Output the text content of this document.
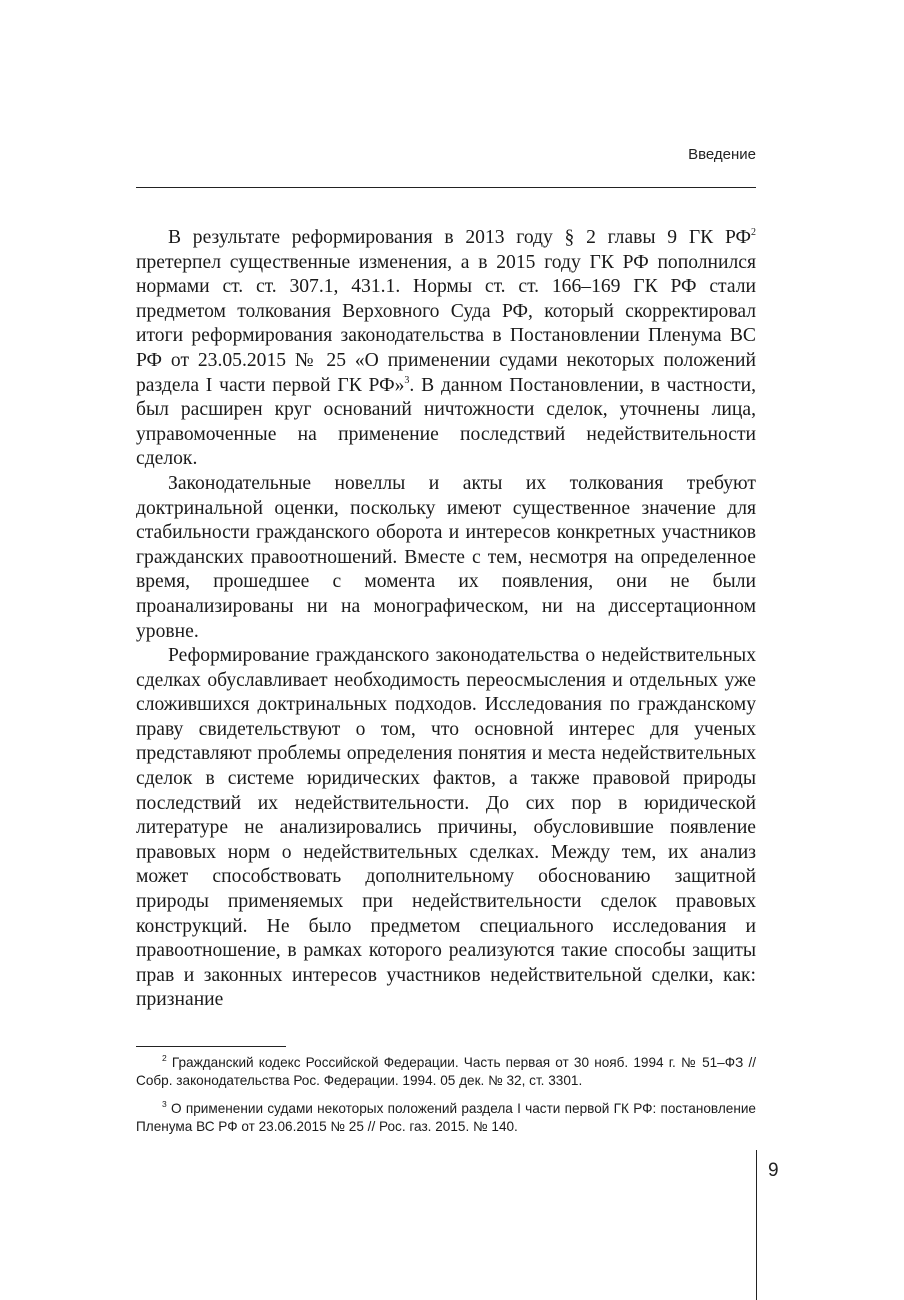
Введение

В результате реформирования в 2013 году § 2 главы 9 ГК $РФ^2$ претерпел существенные изменения, а в 2015 году ГК РФ пополнился нормами ст. ст. 307.1, 431.1. Нормы ст. ст. 166–169 ГК РФ стали предметом толкования Верховного Суда РФ, который скорректировал итоги реформирования законодательства в Постановлении Пленума ВС РФ от 23.05.2015 № 25 «О применении судами некоторых положений раздела I части первой ГК РФ»$^3$. В данном Постановлении, в частности, был расширен круг оснований ничтожности сделок, уточнены лица, управомоченные на применение последствий недействительности сделок.

Законодательные новеллы и акты их толкования требуют доктринальной оценки, поскольку имеют существенное значение для стабильности гражданского оборота и интересов конкретных участников гражданских правоотношений. Вместе с тем, несмотря на определенное время, прошедшее с момента их появления, они не были проанализированы ни на монографическом, ни на диссертационном уровне.

Реформирование гражданского законодательства о недействительных сделках обуславливает необходимость переосмысления и отдельных уже сложившихся доктринальных подходов. Исследования по гражданскому праву свидетельствуют о том, что основной интерес для ученых представляют проблемы определения понятия и места недействительных сделок в системе юридических фактов, а также правовой природы последствий их недействительности. До сих пор в юридической литературе не анализировались причины, обусловившие появление правовых норм о недействительных сделках. Между тем, их анализ может способствовать дополнительному обоснованию защитной природы применяемых при недействительности сделок правовых конструкций. Не было предметом специального исследования и правоотношение, в рамках которого реализуются такие способы защиты прав и законных интересов участников недействительной сделки, как: признание

$^2$ Гражданский кодекс Российской Федерации. Часть первая от 30 нояб. 1994 г. № 51–ФЗ // Собр. законодательства Рос. Федерации. 1994. 05 дек. № 32, ст. 3301.

$^3$ О применении судами некоторых положений раздела I части первой ГК РФ: постановление Пленума ВС РФ от 23.06.2015 № 25 // Рос. газ. 2015. № 140.

9
